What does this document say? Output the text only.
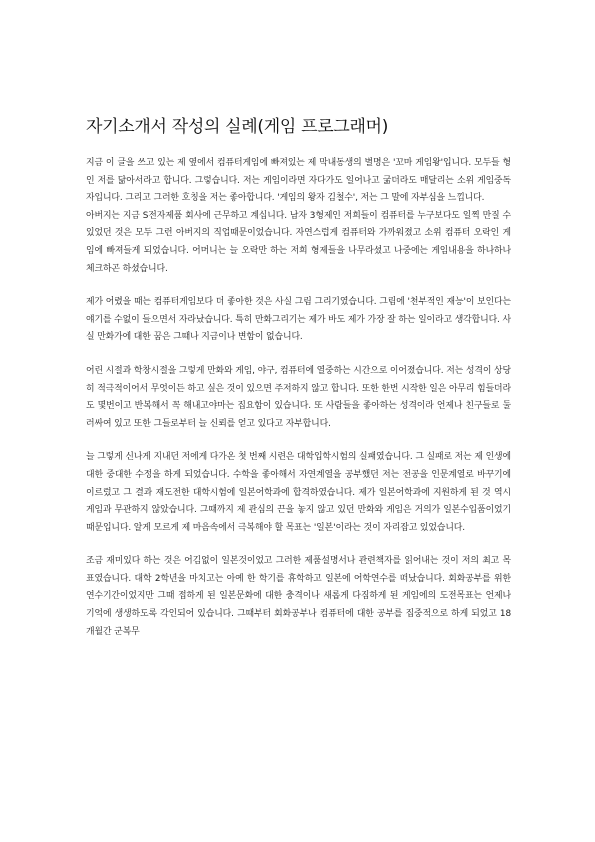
자기소개서 작성의 실례(게임 프로그래머)

지금 이 글을 쓰고 있는 제 옆에서 컴퓨터게임에 빠져있는 제 막내동생의 별명은 '꼬마 게임왕'입니다. 모두들 형인 저를 닮아서라고 합니다. 그렇습니다. 저는 게임이라면 자다가도 일어나고 굶더라도 매달리는 소위 게임중독자입니다. 그리고 그러한 호칭을 저는 좋아합니다. '게임의 왕자 김철수', 저는 그 말에 자부심을 느낍니다.

아버지는 지금 S전자제품 회사에 근무하고 계십니다. 남자 3형제인 저희들이 컴퓨터를 누구보다도 일찍 만질 수 있었던 것은 모두 그런 아버지의 직업때문이었습니다. 자연스럽게 컴퓨터와 가까워졌고 소위 컴퓨터 오락인 게임에 빠져들게 되었습니다. 어머니는 늘 오락만 하는 저희 형제들을 나무라셨고 나중에는 게임내용을 하나하나 체크하곤 하셨습니다.

제가 어렸을 때는 컴퓨터게임보다 더 좋아한 것은 사실 그림 그리기였습니다. 그림에 '천부적인 재능'이 보인다는 얘기를 수없이 들으면서 자라났습니다. 특히 만화그리기는 제가 바도 제가 가장 잘 하는 일이라고 생각합니다. 사실 만화가에 대한 꿈은 그때나 지금이나 변함이 없습니다.

어린 시절과 학창시절을 그렇게 만화와 게임, 야구, 컴퓨터에 열중하는 시간으로 이어졌습니다. 저는 성격이 상당히 적극적이어서 무엇이든 하고 싶은 것이 있으면 주저하지 않고 합니다. 또한 한번 시작한 일은 아무리 힘들더라도 몇번이고 반복해서 꼭 해내고야마는 집요함이 있습니다. 또 사람들을 좋아하는 성격이라 언제나 친구들로 둘러싸여 있고 또한 그들로부터 늘 신뢰를 얻고 있다고 자부합니다.

늘 그렇게 신나게 지내던 저에게 다가온 첫 번째 시련은 대학입학시험의 실패였습니다. 그 실패로 저는 제 인생에 대한 중대한 수정을 하게 되었습니다. 수학을 좋아해서 자연계열을 공부했던 저는 전공을 인문계열로 바꾸기에 이르렀고 그 결과 재도전한 대학시험에 일본어학과에 합격하였습니다. 제가 일본어학과에 지원하게 된 것 역시 게임과 무관하지 않았습니다. 그때까지 제 관심의 끈을 놓지 않고 있던 만화와 게임은 거의가 일본수입품이었기 때문입니다. 알게 모르게 제 마음속에서 극복해야 할 목표는 '일본'이라는 것이 자리잡고 있었습니다.

조금 재미있다 하는 것은 어김없이 일본것이었고 그러한 제품설명서나 관련책자를 읽어내는 것이 저의 최고 목표였습니다. 대학 2학년을 마치고는 아예 한 학기를 휴학하고 일본에 어학연수를 떠났습니다. 회화공부를 위한 연수기간이었지만 그때 접하게 된 일본문화에 대한 충격이나 새롭게 다짐하게 된 게임에의 도전목표는 언제나 기억에 생생하도록 각인되어 있습니다. 그때부터 회화공부나 컴퓨터에 대한 공부를 집중적으로 하게 되었고 18개월간 군복무
